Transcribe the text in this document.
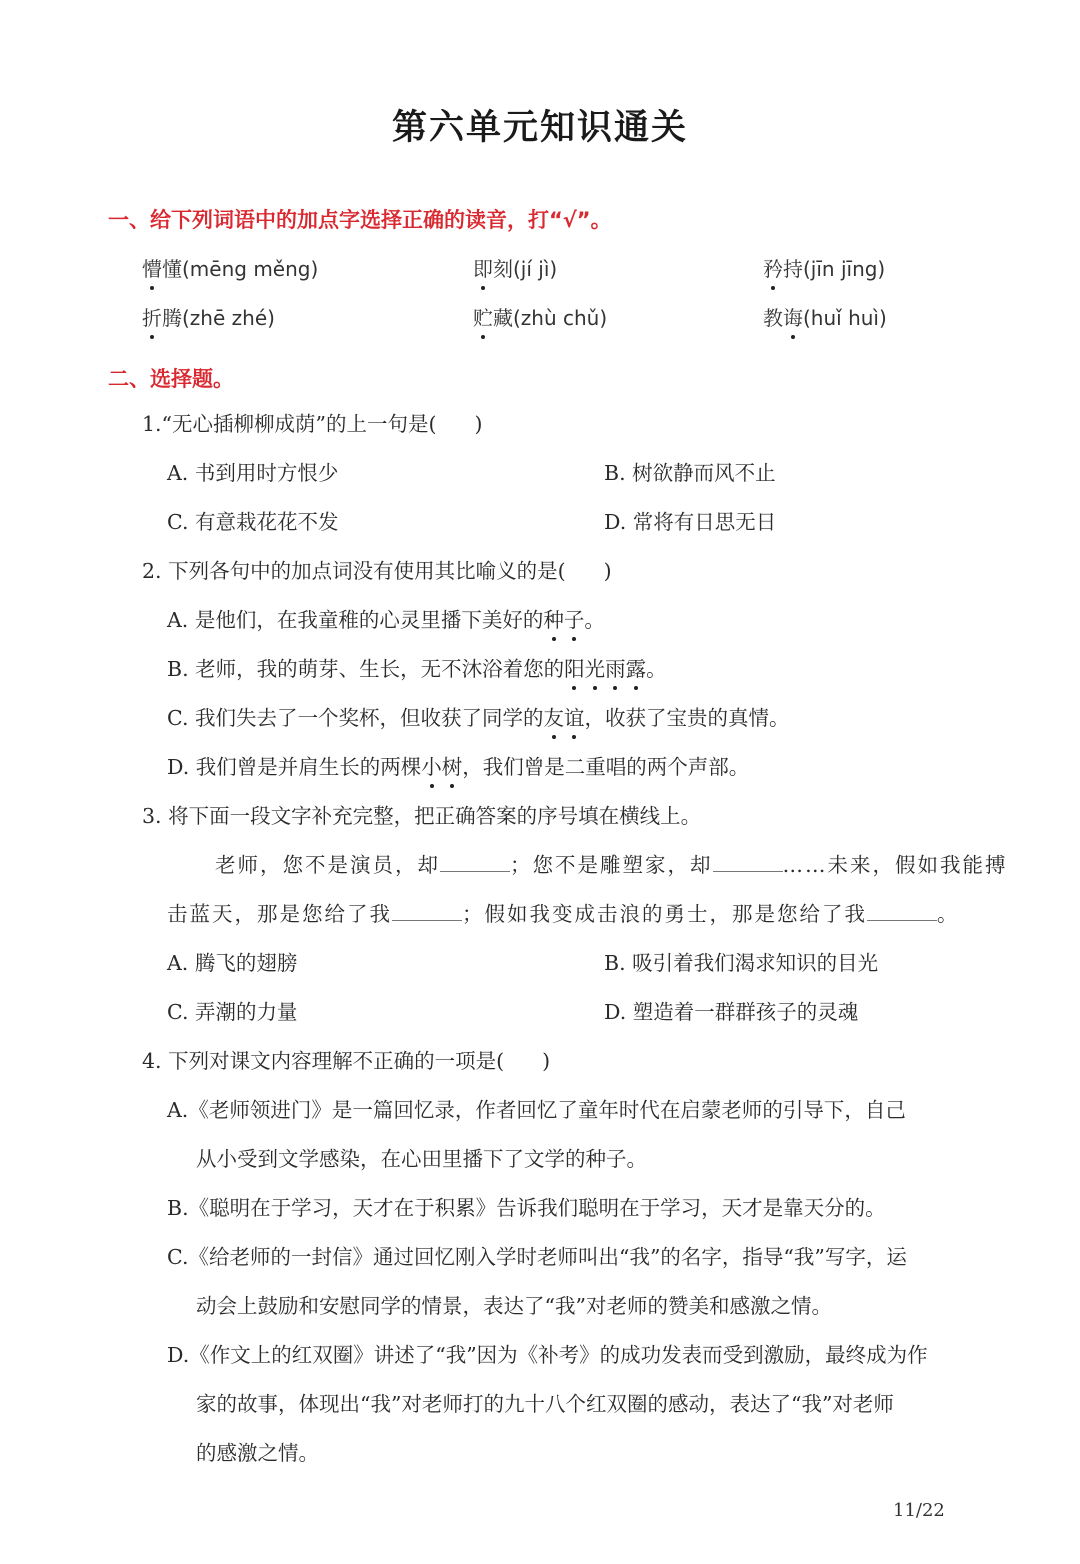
第六单元知识通关
一、给下列词语中的加点字选择正确的读音，打“√”。
懵懂(mēng měng)	即刻(jí jì)	矜持(jīn jīng)
折腾(zhē zhé)	贮藏(zhù chǔ)	教诲(huǐ huì)
二、选择题。
1.“无心插柳柳成荫”的上一句是( )
A. 书到用时方恨少	B. 树欲静而风不止
C. 有意栽花花不发	D. 常将有日思无日
2. 下列各句中的加点词没有使用其比喻义的是( )
A. 是他们，在我童稚的心灵里播下美好的种子。
B. 老师，我的萌芽、生长，无不沐浴着您的阳光雨露。
C. 我们失去了一个奖杯，但收获了同学的友谊，收获了宝贵的真情。
D. 我们曾是并肩生长的两棵小树，我们曾是二重唱的两个声部。
3. 将下面一段文字补充完整，把正确答案的序号填在横线上。
老师，您不是演员，却	；您不是雕塑家，却	……未来，假如我能搏
击蓝天，那是您给了我	；假如我变成击浪的勇士，那是您给了我	。
A. 腾飞的翅膀	B. 吸引着我们渴求知识的目光
C. 弄潮的力量	D. 塑造着一群群孩子的灵魂
4. 下列对课文内容理解不正确的一项是( )
A.《老师领进门》是一篇回忆录，作者回忆了童年时代在启蒙老师的引导下，自己
从小受到文学感染，在心田里播下了文学的种子。
B.《聪明在于学习，天才在于积累》告诉我们聪明在于学习，天才是靠天分的。
C.《给老师的一封信》通过回忆刚入学时老师叫出“我”的名字，指导“我”写字，运
动会上鼓励和安慰同学的情景，表达了“我”对老师的赞美和感激之情。
D.《作文上的红双圈》讲述了“我”因为《补考》的成功发表而受到激励，最终成为作
家的故事，体现出“我”对老师打的九十八个红双圈的感动，表达了“我”对老师
的感激之情。
11/22
